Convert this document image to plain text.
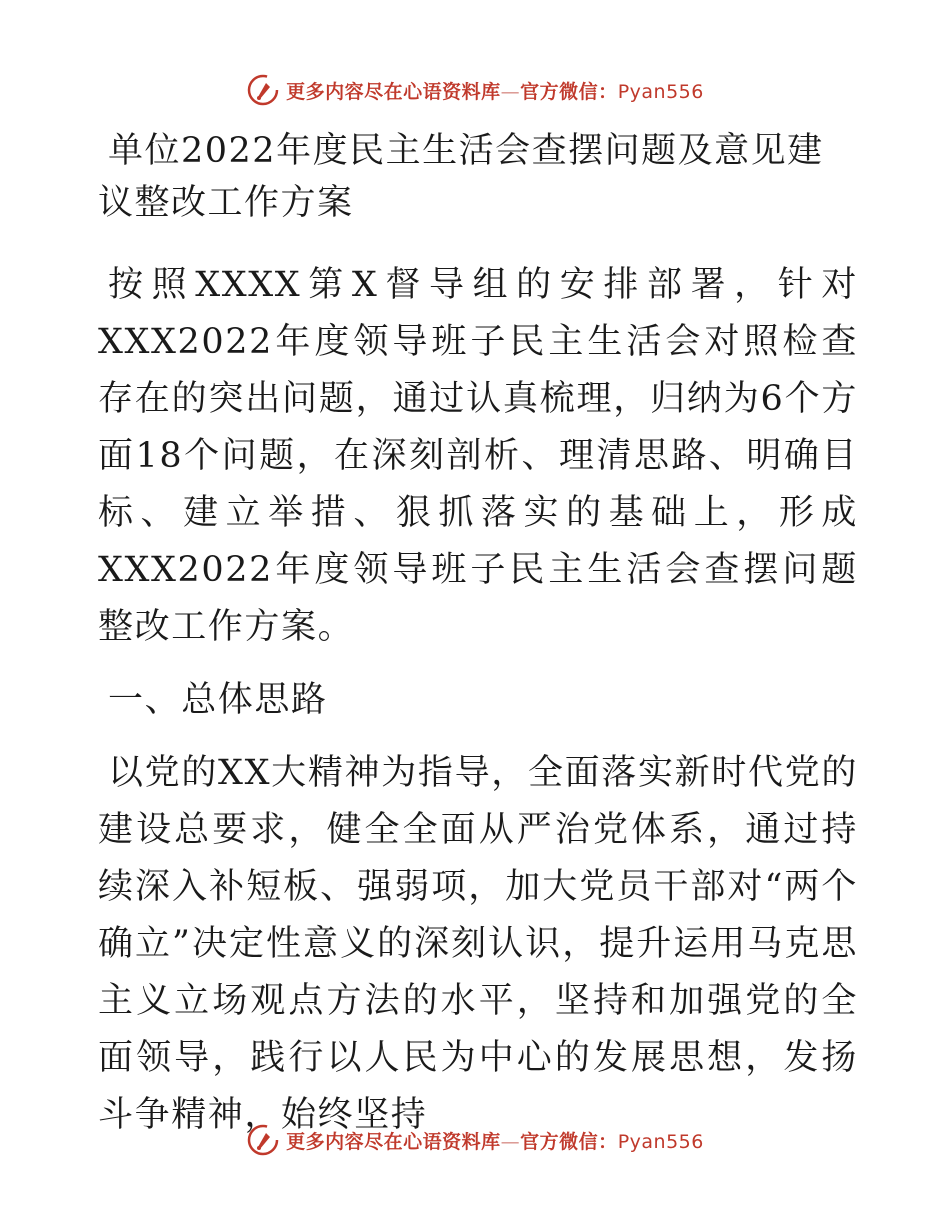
更多内容尽在心语资料库—官方微信：Pyan556
单位2022年度民主生活会查摆问题及意见建议整改工作方案

按照XXXX第X督导组的安排部署，针对XXX2022年度领导班子民主生活会对照检查存在的突出问题，通过认真梳理，归纳为6个方面18个问题，在深刻剖析、理清思路、明确目标、建立举措、狠抓落实的基础上，形成XXX2022年度领导班子民主生活会查摆问题整改工作方案。

一、总体思路

以党的XX大精神为指导，全面落实新时代党的建设总要求，健全全面从严治党体系，通过持续深入补短板、强弱项，加大党员干部对“两个确立”决定性意义的深刻认识，提升运用马克思主义立场观点方法的水平，坚持和加强党的全面领导，践行以人民为中心的发展思想，发扬斗争精神，始终坚持

更多内容尽在心语资料库—官方微信：Pyan556
